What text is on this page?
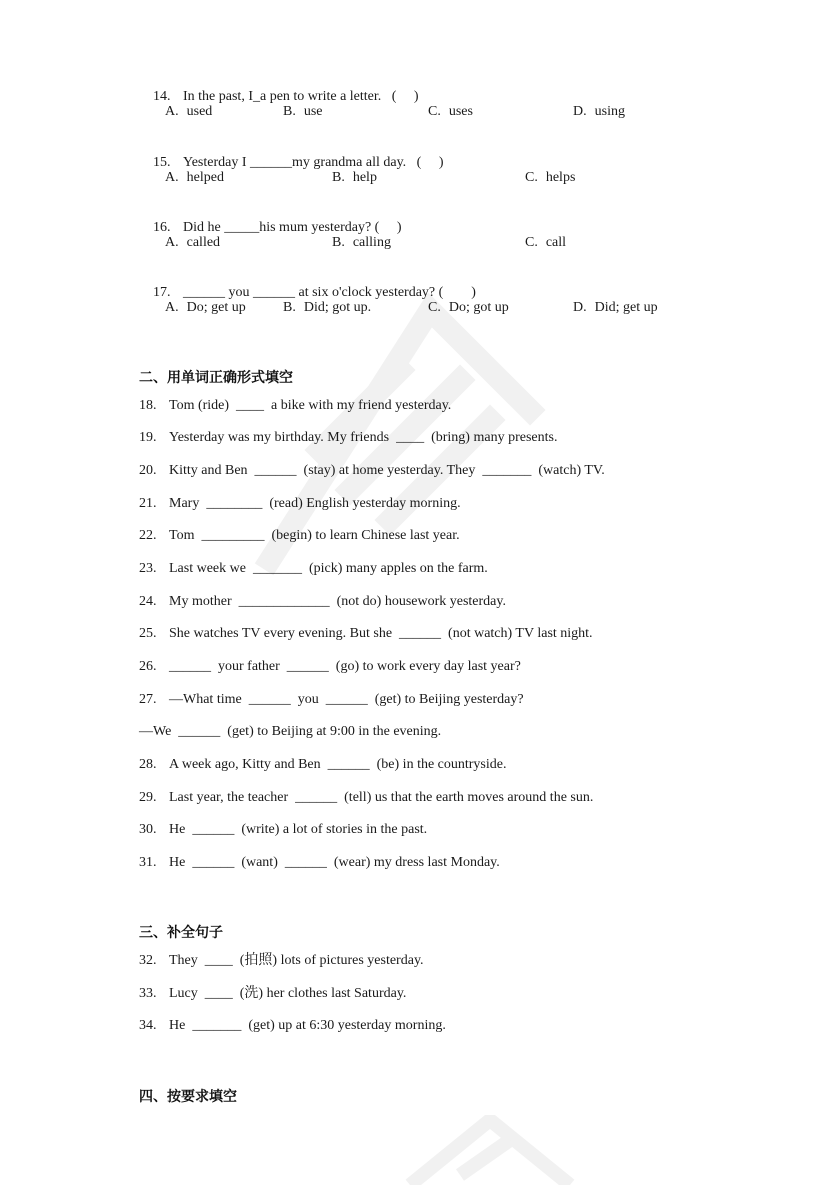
14. In the past, I_a pen to write a letter.   (     )

A. used	B. use	C. uses	D. using

15. Yesterday I ______my grandma all day.   (     )

A. helped	B. help	C. helps

16. Did he _____his mum yesterday? (     )

A. called	B. calling	C. call

17. ______ you ______ at six o'clock yesterday? (        )

A. Do; get up	B. Did; got up.	C. Do; got up	D. Did; get up
二、用单词正确形式填空
18. Tom (ride)  ____  a bike with my friend yesterday.
19. Yesterday was my birthday. My friends  ____  (bring) many presents.
20. Kitty and Ben  ______  (stay) at home yesterday. They  _______  (watch) TV.
21. Mary  ________  (read) English yesterday morning.
22. Tom  _________  (begin) to learn Chinese last year.
23. Last week we  _______  (pick) many apples on the farm.
24. My mother  _____________  (not do) housework yesterday.
25. She watches TV every evening. But she  ______  (not watch) TV last night.
26. ______  your father  ______  (go) to work every day last year?
27. —What time  ______  you  ______  (get) to Beijing yesterday?
—We  ______  (get) to Beijing at 9:00 in the evening.
28. A week ago, Kitty and Ben  ______  (be) in the countryside.
29. Last year, the teacher  ______  (tell) us that the earth moves around the sun.
30. He  ______  (write) a lot of stories in the past.
31. He  ______  (want)  ______  (wear) my dress last Monday.
三、补全句子
32. They  ____  (拍照) lots of pictures yesterday.
33. Lucy  ____  (洗) her clothes last Saturday.
34. He  _______  (get) up at 6:30 yesterday morning.
四、按要求填空
